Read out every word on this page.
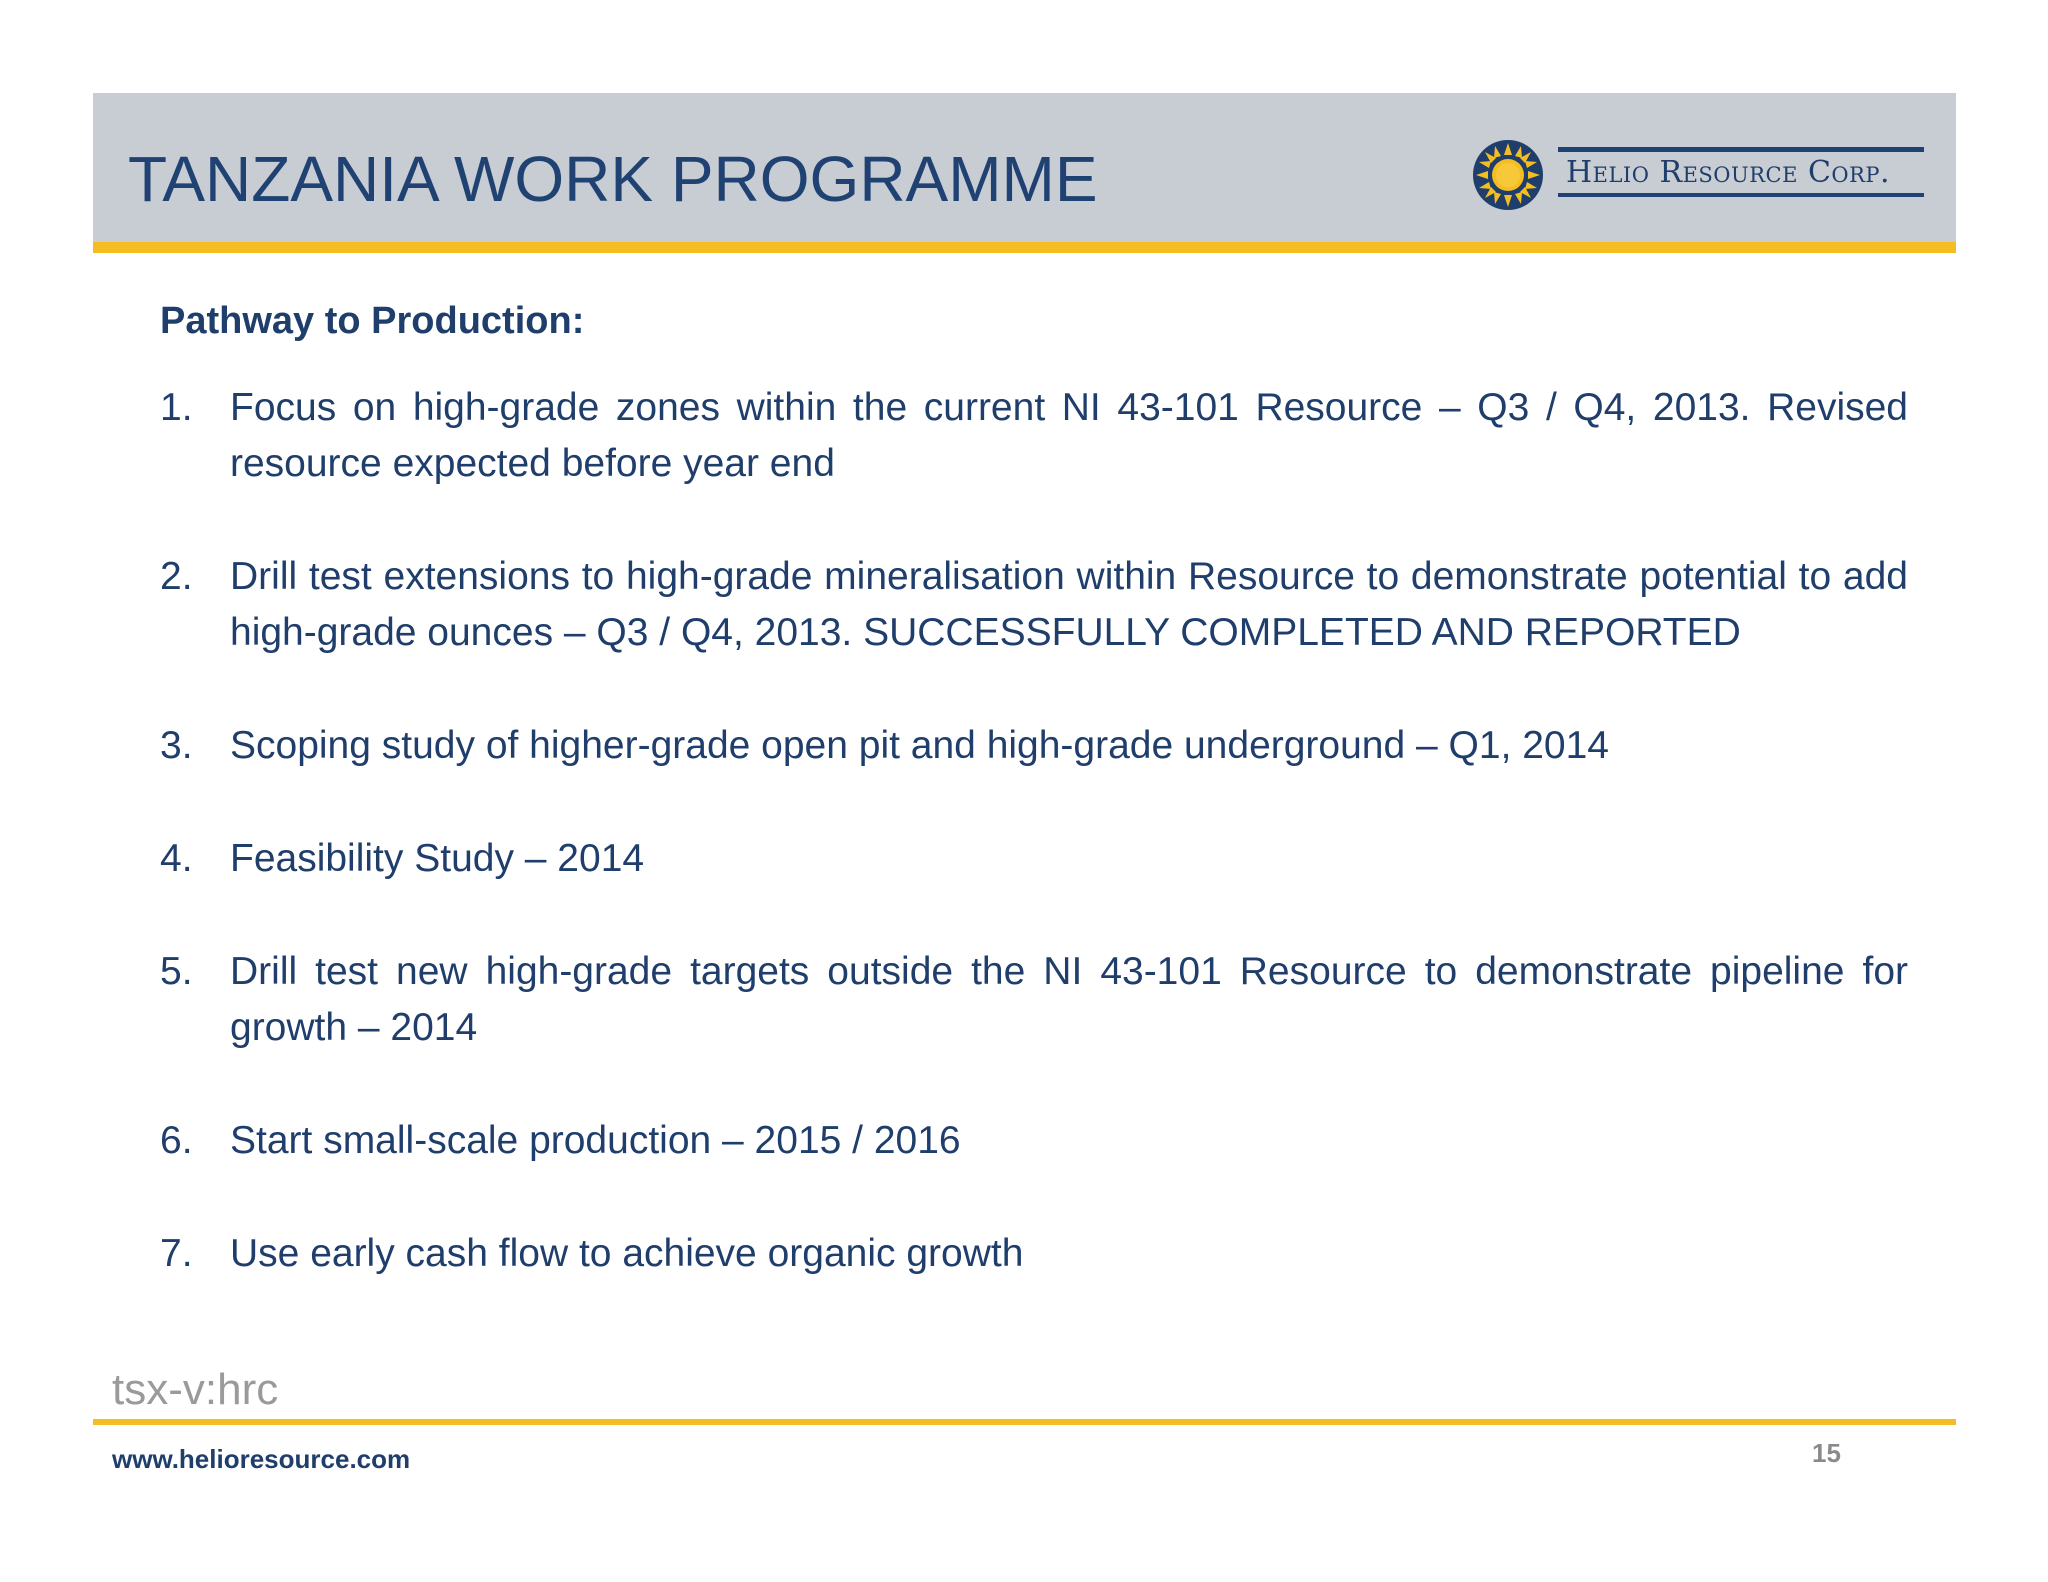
TANZANIA WORK PROGRAMME	Helio Resource Corp.
Pathway to Production:
1. Focus on high-grade zones within the current NI 43-101 Resource – Q3 / Q4, 2013. Revised resource expected before year end
2. Drill test extensions to high-grade mineralisation within Resource to demonstrate potential to add high-grade ounces – Q3 / Q4, 2013. SUCCESSFULLY COMPLETED AND REPORTED
3. Scoping study of higher-grade open pit and high-grade underground – Q1, 2014
4. Feasibility Study – 2014
5. Drill test new high-grade targets outside the NI 43-101 Resource to demonstrate pipeline for growth – 2014
6. Start small-scale production – 2015 / 2016
7. Use early cash flow to achieve organic growth
tsx-v:hrc
www.helioresource.com	15
